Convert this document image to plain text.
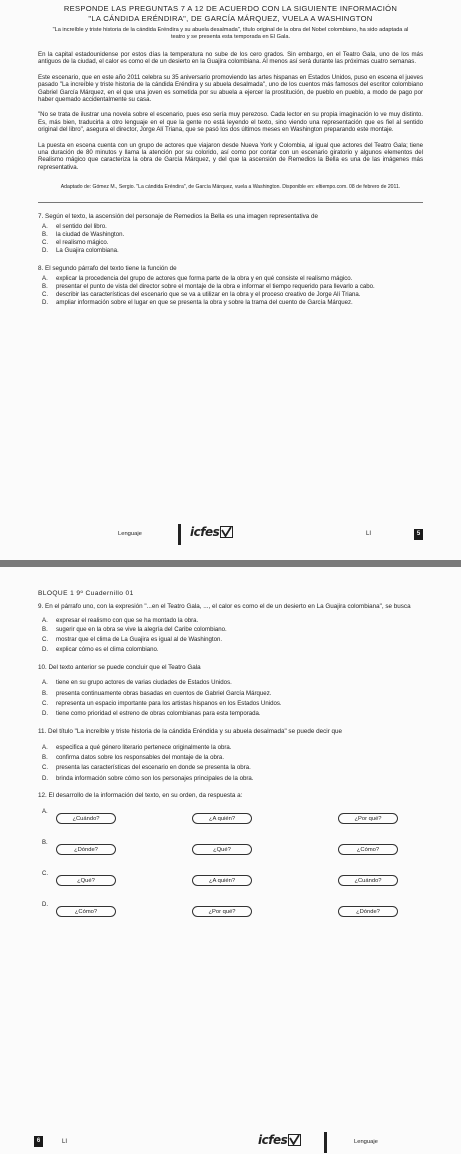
RESPONDE LAS PREGUNTAS 7 A 12 DE ACUERDO CON LA SIGUIENTE INFORMACIÓN

"LA CÁNDIDA ERÉNDIRA", DE GARCÍA MÁRQUEZ, VUELA A WASHINGTON

"La increíble y triste historia de la cándida Eréndira y su abuela desalmada", título original de la obra del Nobel colombiano, ha sido adaptada al teatro y se presenta esta temporada en El Gala.

En la capital estadounidense por estos días la temperatura no sube de los cero grados. Sin embargo, en el Teatro Gala, uno de los más antiguos de la ciudad, el calor es como el de un desierto en la Guajira colombiana. Al menos así será durante las próximas cuatro semanas.

Este escenario, que en este año 2011 celebra su 35 aniversario promoviendo las artes hispanas en Estados Unidos, puso en escena el jueves pasado "La increíble y triste historia de la cándida Eréndira y su abuela desalmada", uno de los cuentos más famosos del escritor colombiano Gabriel García Márquez, en el que una joven es sometida por su abuela a ejercer la prostitución, de pueblo en pueblo, a modo de pago por haber quemado accidentalmente su casa.

"No se trata de ilustrar una novela sobre el escenario, pues eso sería muy perezoso. Cada lector en su propia imaginación lo ve muy distinto. Es, más bien, traducirla a otro lenguaje en el que la gente no está leyendo el texto, sino viendo una representación que es fiel al sentido original del libro", asegura el director, Jorge Alí Triana, que se pasó los dos últimos meses en Washington preparando este montaje.

La puesta en escena cuenta con un grupo de actores que viajaron desde Nueva York y Colombia, al igual que actores del Teatro Gala; tiene una duración de 80 minutos y llama la atención por su colorido, así como por contar con un escenario giratorio y algunos elementos del Realismo mágico que caracteriza la obra de García Márquez, y del que la ascensión de Remedios la Bella es una de las imágenes más representativa.

Adaptado de: Gómez M., Sergio. "La cándida Eréndira", de García Márquez, vuela a Washington. Disponible en: eltiempo.com. 08 de febrero de 2011.

7. Según el texto, la ascensión del personaje de Remedios la Bella es una imagen representativa de

A.	el sentido del libro.
B.	la ciudad de Washington.
C.	el realismo mágico.
D.	La Guajira colombiana.

8. El segundo párrafo del texto tiene la función de

A.	explicar la procedencia del grupo de actores que forma parte de la obra y en qué consiste el realismo mágico.
B.	presentar el punto de vista del director sobre el montaje de la obra e informar el tiempo requerido para llevarlo a cabo.
C.	describir las características del escenario que se va a utilizar en la obra y el proceso creativo de Jorge Alí Triana.
D.	ampliar información sobre el lugar en que se presenta la obra y sobre la trama del cuento de García Márquez.
Lenguaje	icfes	LI	5

BLOQUE 1 9º Cuadernillo 01

9. En el párrafo uno, con la expresión "...en el Teatro Gala, ..., el calor es como el de un desierto en La Guajira colombiana", se busca

A.	expresar el realismo con que se ha montado la obra.
B.	sugerir que en la obra se vive la alegría del Caribe colombiano.
C.	mostrar que el clima de La Guajira es igual al de Washington.
D.	explicar cómo es el clima colombiano.

10. Del texto anterior se puede concluir que el Teatro Gala

A.	tiene en su grupo actores de varias ciudades de Estados Unidos.
B.	presenta continuamente obras basadas en cuentos de Gabriel García Márquez.
C.	representa un espacio importante para los artistas hispanos en los Estados Unidos.
D.	tiene como prioridad el estreno de obras colombianas para esta temporada.

11. Del título "La increíble y triste historia de la cándida Eréndida y su abuela desalmada" se puede decir que

A.	especifica a qué género literario pertenece originalmente la obra.
B.	confirma datos sobre los responsables del montaje de la obra.
C.	presenta las características del escenario en donde se presenta la obra.
D.	brinda información sobre cómo son los personajes principales de la obra.

12. El desarrollo de la información del texto, en su orden, da respuesta a:

A.
¿Cuándo?	¿A quién?	¿Por qué?
B.
¿Dónde?	¿Qué?	¿Cómo?
C.
¿Qué?	¿A quién?	¿Cuándo?
D.
¿Cómo?	¿Por qué?	¿Dónde?
6	LI	icfes	Lenguaje
